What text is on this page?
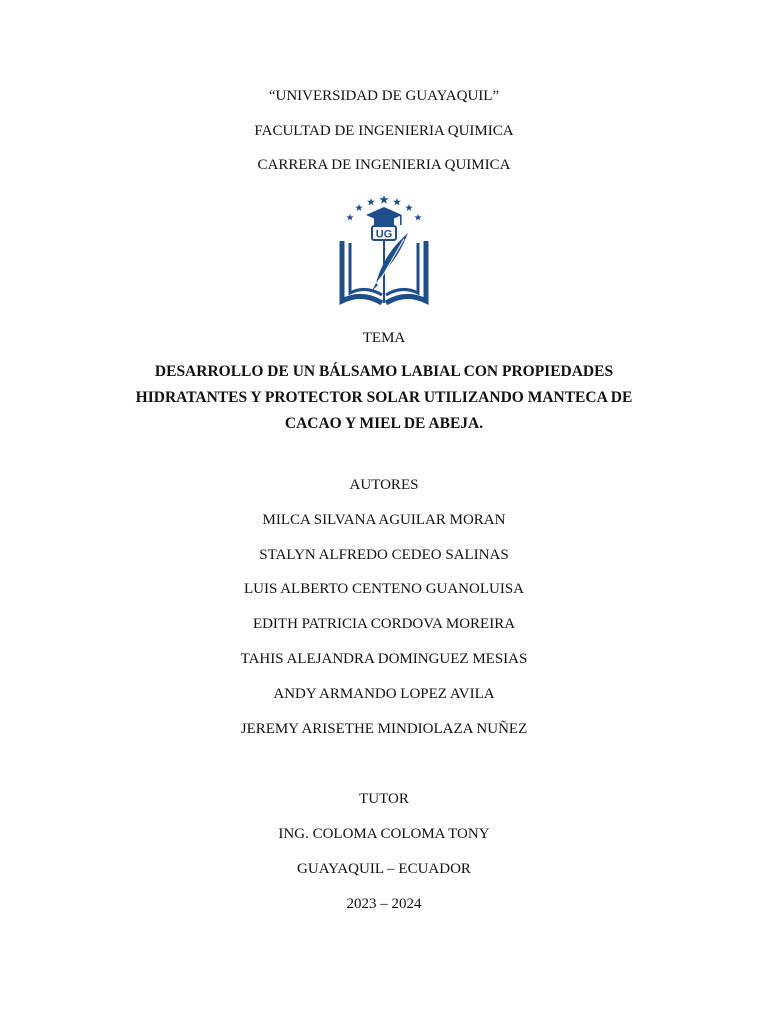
“UNIVERSIDAD DE GUAYAQUIL”
FACULTAD DE INGENIERIA QUIMICA
CARRERA DE INGENIERIA QUIMICA
UG
TEMA
DESARROLLO DE UN BÁLSAMO LABIAL CON PROPIEDADES
HIDRATANTES Y PROTECTOR SOLAR UTILIZANDO MANTECA DE
CACAO Y MIEL DE ABEJA.
AUTORES
MILCA SILVANA AGUILAR MORAN
STALYN ALFREDO CEDEO SALINAS
LUIS ALBERTO CENTENO GUANOLUISA
EDITH PATRICIA CORDOVA MOREIRA
TAHIS ALEJANDRA DOMINGUEZ MESIAS
ANDY ARMANDO LOPEZ AVILA
JEREMY ARISETHE MINDIOLAZA NUÑEZ
TUTOR
ING. COLOMA COLOMA TONY
GUAYAQUIL – ECUADOR
2023 – 2024
